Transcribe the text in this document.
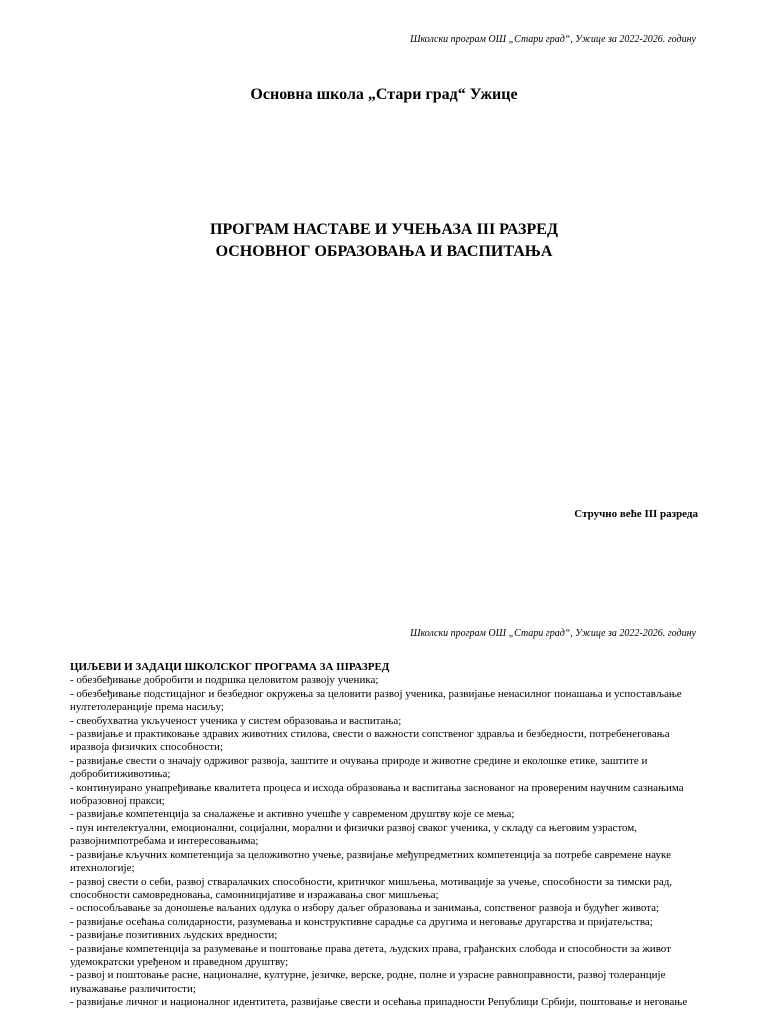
Школски програм ОШ „Стари град“, Ужице за 2022-2026. годину
Основна школа „Стари град“ Ужице
ПРОГРАМ НАСТАВЕ И УЧЕЊАЗА III РАЗРЕД
ОСНОВНОГ ОБРАЗОВАЊА И ВАСПИТАЊА
Стручно веће III разреда
Школски програм ОШ „Стари град“, Ужице за 2022-2026. годину
ЦИЉЕВИ И ЗАДАЦИ ШКОЛСКОГ ПРОГРАМА ЗА IIIРАЗРЕД
- обезбеђивање добробити и подршка целовитом развоју ученика;
- обезбеђивање подстицајног и безбедног окружења за целовити развој ученика, развијање ненасилног понашања и успостављање нултетолеранције према насиљу;
- свеобухватна укљученост ученика у систем образовања и васпитања;
- развијање и практиковање здравих животних стилова, свести о важности сопственог здравља и безбедности, потребенеговања иразвоја физичких способности;
- развијање свести о значају одрживог развоја, заштите и очувања природе и животне средине и еколошке етике, заштите и добробитиживотиња;
- континуирано унапређивање квалитета процеса и исхода образовања и васпитања заснованог на провереним научним сазнањима иобразовној пракси;
- развијање компетенција за сналажење и активно учешће у савременом друштву које се мења;
- пун интелектуални, емоционални, социјални, морални и физички развој сваког ученика, у складу са његовим узрастом, развојнимпотребама и интересовањима;
- развијање кључних компетенција за целоживотно учење, развијање међупредметних компетенција за потребе савремене науке итехнологије;
- развој свести о себи, развој стваралачких способности, критичког мишљења, мотивације за учење, способности за тимски рад, способности самовредновања, самоиницијативе и изражавања свог мишљења;
- оспособљавање за доношење ваљаних одлука о избору даљег образовања и занимања, сопственог развоја и будућег живота;
- развијање осећања солидарности, разумевања и конструктивне сарадње са другима и неговање другарства и пријатељства;
- развијање позитивних људских вредности;
- развијање компетенција за разумевање и поштовање права детета, људских права, грађанских слобода и способности за живот удемократски уређеном и праведном друштву;
- развој и поштовање расне, националне, културне, језичке, верске, родне, полне и узрасне равноправности, развој толеранције иуважавање различитости;
- развијање личног и националног идентитета, развијање свести и осећања припадности Републици Србији, поштовање и неговање
